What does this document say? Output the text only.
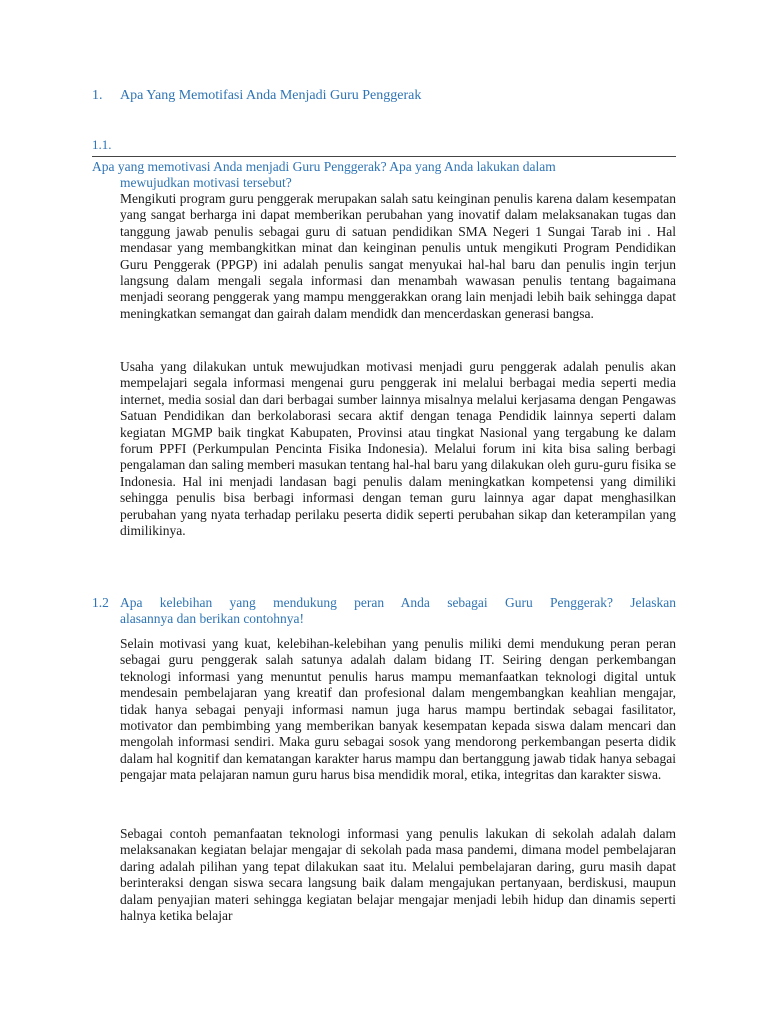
1. Apa Yang Memotifasi Anda Menjadi Guru Penggerak
1.1.
Apa yang memotivasi Anda menjadi Guru Penggerak? Apa yang Anda lakukan dalam
mewujudkan motivasi tersebut?

Mengikuti program guru penggerak merupakan salah satu keinginan penulis karena dalam kesempatan yang sangat berharga ini dapat memberikan perubahan yang inovatif dalam melaksanakan tugas dan tanggung jawab penulis sebagai guru di satuan pendidikan SMA Negeri 1 Sungai Tarab ini . Hal mendasar yang membangkitkan minat dan keinginan penulis untuk mengikuti Program Pendidikan Guru Penggerak (PPGP) ini adalah penulis sangat menyukai hal-hal baru dan penulis ingin terjun langsung dalam mengali segala informasi dan menambah wawasan penulis tentang bagaimana menjadi seorang penggerak yang mampu menggerakkan orang lain menjadi lebih baik sehingga dapat meningkatkan semangat dan gairah dalam mendidk dan mencerdaskan generasi bangsa.

Usaha yang dilakukan untuk mewujudkan motivasi menjadi guru penggerak adalah penulis akan mempelajari segala informasi mengenai guru penggerak ini melalui berbagai media seperti media internet, media sosial dan dari berbagai sumber lainnya misalnya melalui kerjasama dengan Pengawas Satuan Pendidikan dan berkolaborasi secara aktif dengan tenaga Pendidik lainnya seperti dalam kegiatan MGMP baik tingkat Kabupaten, Provinsi atau tingkat Nasional yang tergabung ke dalam forum PPFI (Perkumpulan Pencinta Fisika Indonesia). Melalui forum ini kita bisa saling berbagi pengalaman dan saling memberi masukan tentang hal-hal baru yang dilakukan oleh guru-guru fisika se Indonesia. Hal ini menjadi landasan bagi penulis dalam meningkatkan kompetensi yang dimiliki sehingga penulis bisa berbagi informasi dengan teman guru lainnya agar dapat menghasilkan perubahan yang nyata terhadap perilaku peserta didik seperti perubahan sikap dan keterampilan yang dimilikinya.

1.2 Apa kelebihan yang mendukung peran Anda sebagai Guru Penggerak? Jelaskan
alasannya dan berikan contohnya!

Selain motivasi yang kuat, kelebihan-kelebihan yang penulis miliki demi mendukung peran peran sebagai guru penggerak salah satunya adalah dalam bidang IT. Seiring dengan perkembangan teknologi informasi yang menuntut penulis harus mampu memanfaatkan teknologi digital untuk mendesain pembelajaran yang kreatif dan profesional dalam mengembangkan keahlian mengajar, tidak hanya sebagai penyaji informasi namun juga harus mampu bertindak sebagai fasilitator, motivator dan pembimbing yang memberikan banyak kesempatan kepada siswa dalam mencari dan mengolah informasi sendiri. Maka guru sebagai sosok yang mendorong perkembangan peserta didik dalam hal kognitif dan kematangan karakter harus mampu dan bertanggung jawab tidak hanya sebagai pengajar mata pelajaran namun guru harus bisa mendidik moral, etika, integritas dan karakter siswa.

Sebagai contoh pemanfaatan teknologi informasi yang penulis lakukan di sekolah adalah dalam melaksanakan kegiatan belajar mengajar di sekolah pada masa pandemi, dimana model pembelajaran daring adalah pilihan yang tepat dilakukan saat itu. Melalui pembelajaran daring, guru masih dapat berinteraksi dengan siswa secara langsung baik dalam mengajukan pertanyaan, berdiskusi, maupun dalam penyajian materi sehingga kegiatan belajar mengajar menjadi lebih hidup dan dinamis seperti halnya ketika belajar
